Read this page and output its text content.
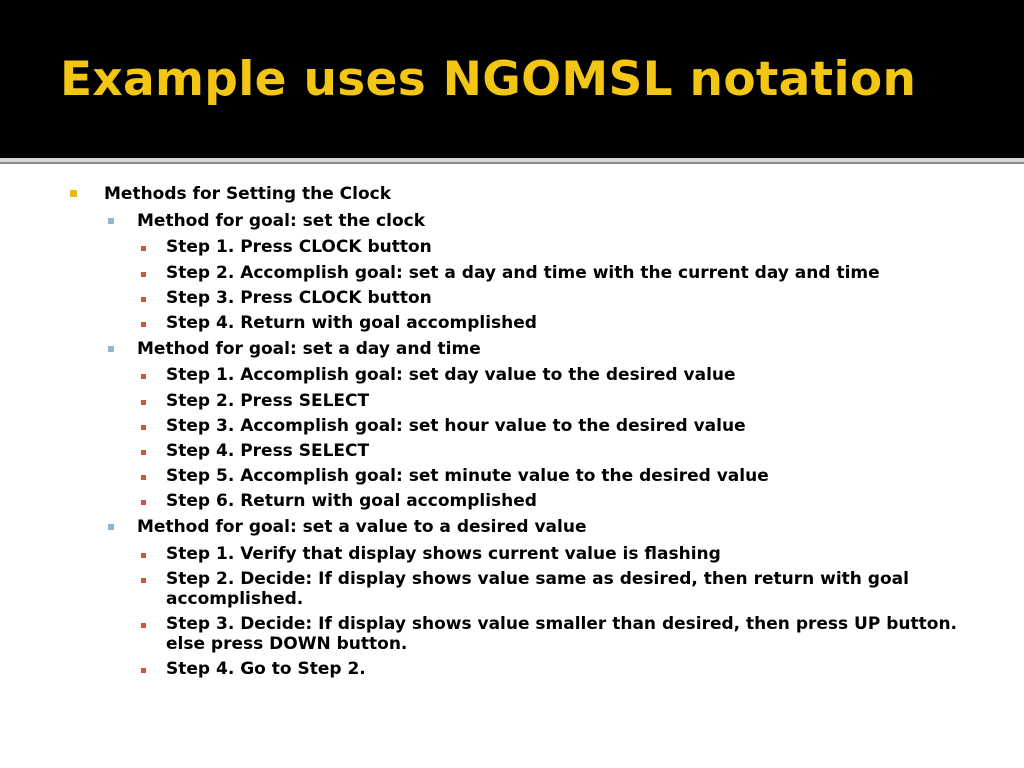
Example uses NGOMSL notation
Methods for Setting the Clock
Method for goal: set the clock
Step 1. Press CLOCK button
Step 2. Accomplish goal: set a day and time with the current day and time
Step 3. Press CLOCK button
Step 4. Return with goal accomplished
Method for goal: set a day and time
Step 1. Accomplish goal: set day value to the desired value
Step 2. Press SELECT
Step 3. Accomplish goal: set hour value to the desired value
Step 4. Press SELECT
Step 5. Accomplish goal: set minute value to the desired value
Step 6. Return with goal accomplished
Method for goal: set a value to a desired value
Step 1. Verify that display shows current value is flashing
Step 2. Decide: If display shows value same as desired, then return with goal accomplished.
Step 3. Decide: If display shows value smaller than desired, then press UP button. else press DOWN button.
Step 4. Go to Step 2.
